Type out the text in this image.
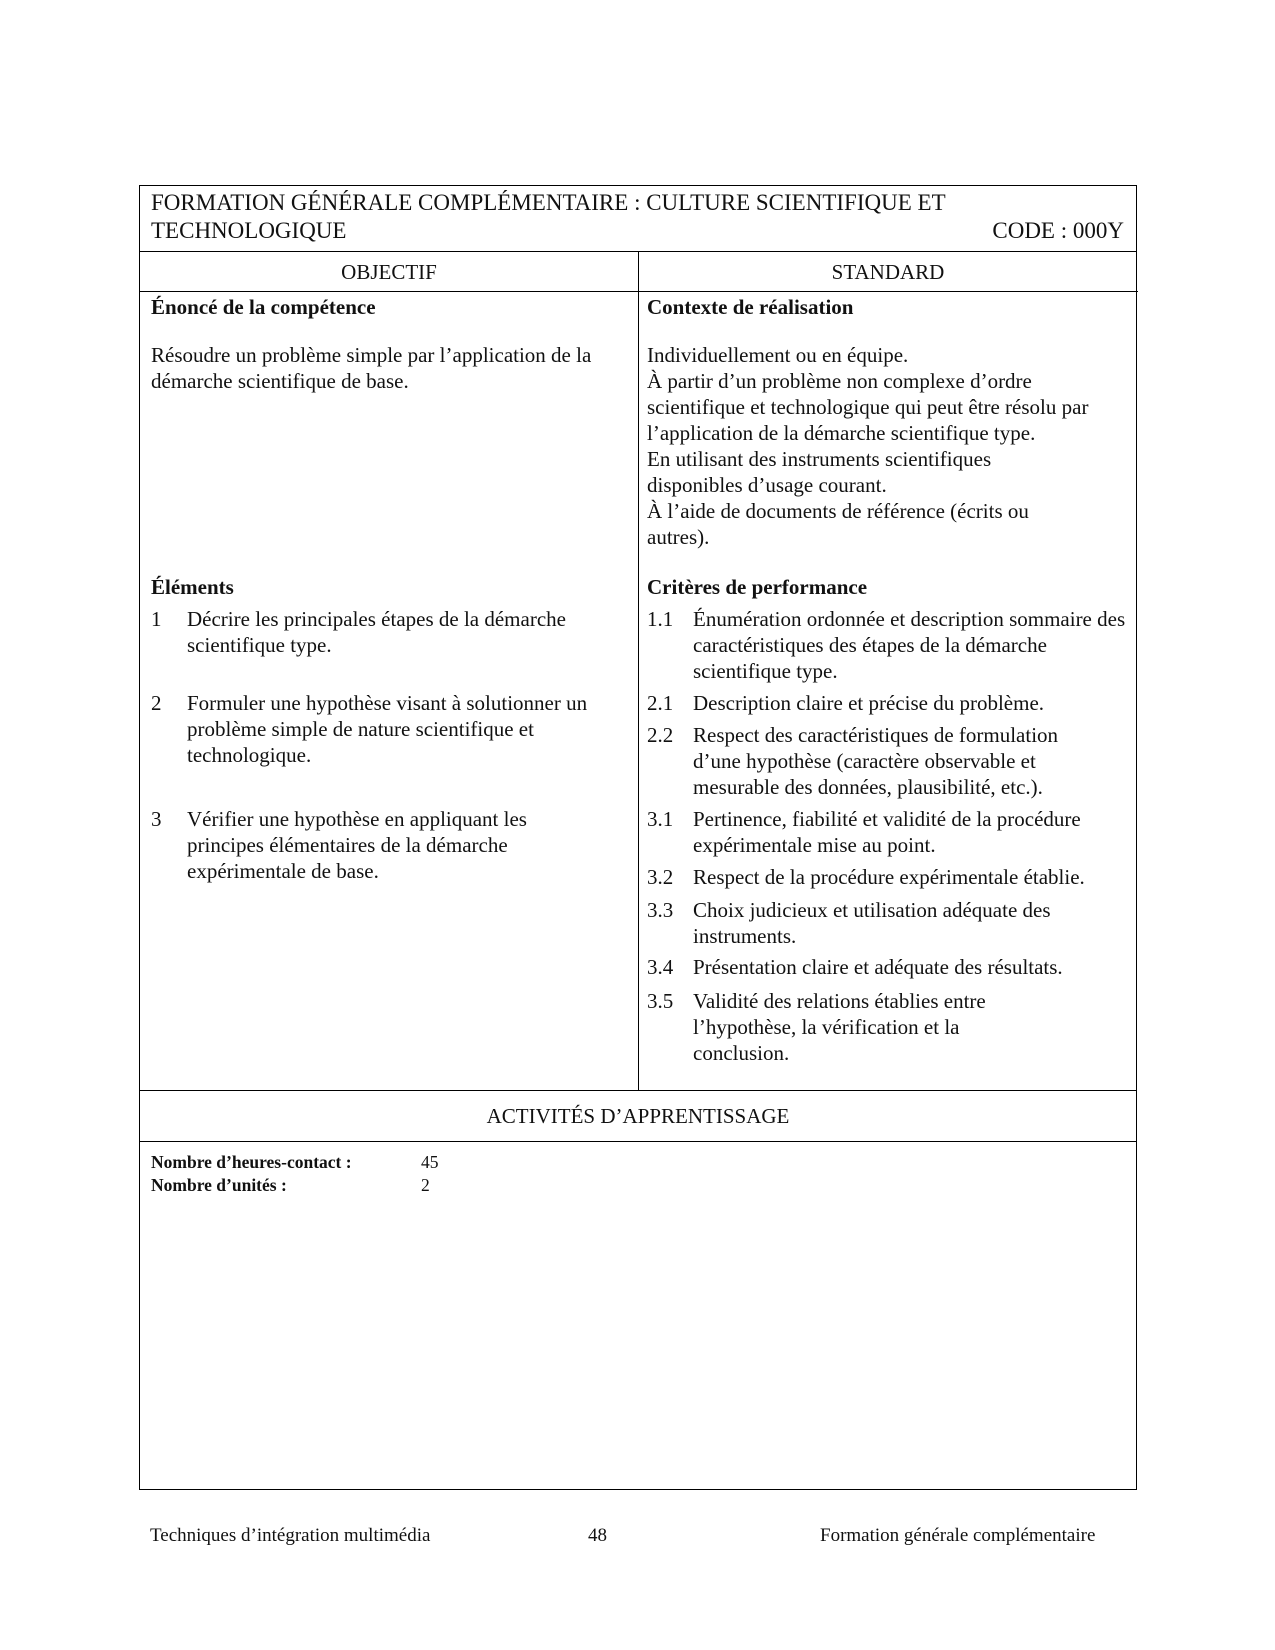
FORMATION GÉNÉRALE COMPLÉMENTAIRE : CULTURE SCIENTIFIQUE ET
TECHNOLOGIQUE	CODE : 000Y
OBJECTIF	STANDARD
Énoncé de la compétence
Résoudre un problème simple par l’application de la démarche scientifique de base.
Éléments
1	Décrire les principales étapes de la démarche scientifique type.
2	Formuler une hypothèse visant à solutionner un problème simple de nature scientifique et technologique.
3	Vérifier une hypothèse en appliquant les principes élémentaires de la démarche expérimentale de base.
Contexte de réalisation
Individuellement ou en équipe.
À partir d’un problème non complexe d’ordre scientifique et technologique qui peut être résolu par l’application de la démarche scientifique type.
En utilisant des instruments scientifiques disponibles d’usage courant.
À l’aide de documents de référence (écrits ou autres).
Critères de performance
1.1 Énumération ordonnée et description sommaire des caractéristiques des étapes de la démarche scientifique type.
2.1 Description claire et précise du problème.
2.2 Respect des caractéristiques de formulation d’une hypothèse (caractère observable et mesurable des données, plausibilité, etc.).
3.1 Pertinence, fiabilité et validité de la procédure expérimentale mise au point.
3.2 Respect de la procédure expérimentale établie.
3.3 Choix judicieux et utilisation adéquate des instruments.
3.4 Présentation claire et adéquate des résultats.
3.5 Validité des relations établies entre l’hypothèse, la vérification et la conclusion.
ACTIVITÉS D’APPRENTISSAGE
Nombre d’heures-contact :	45
Nombre d’unités :	2
Techniques d’intégration multimédia	48	Formation générale complémentaire
